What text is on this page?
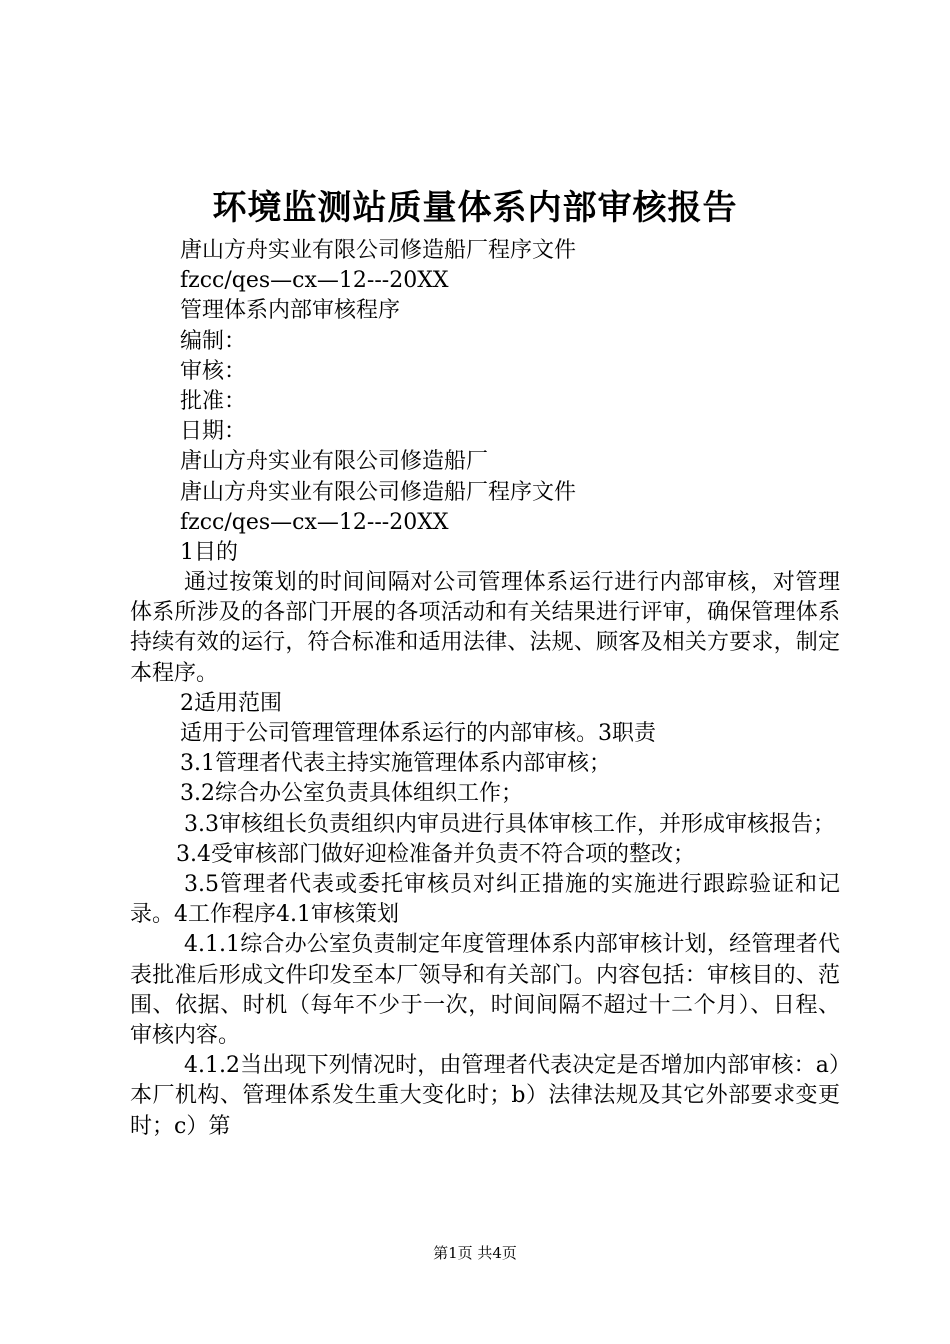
环境监测站质量体系内部审核报告
唐山方舟实业有限公司修造船厂程序文件
fzcc/qes—cx—12---20XX
管理体系内部审核程序
编制：
审核：
批准：
日期：
唐山方舟实业有限公司修造船厂
唐山方舟实业有限公司修造船厂程序文件
fzcc/qes—cx—12---20XX
1目的
通过按策划的时间间隔对公司管理体系运行进行内部审核，对管理体系所涉及的各部门开展的各项活动和有关结果进行评审，确保管理体系持续有效的运行，符合标准和适用法律、法规、顾客及相关方要求，制定本程序。
2适用范围
适用于公司管理管理体系运行的内部审核。3职责
3.1管理者代表主持实施管理体系内部审核；
3.2综合办公室负责具体组织工作；
3.3审核组长负责组织内审员进行具体审核工作，并形成审核报告；
3.4受审核部门做好迎检准备并负责不符合项的整改；
3.5管理者代表或委托审核员对纠正措施的实施进行跟踪验证和记录。4工作程序4.1审核策划
4.1.1综合办公室负责制定年度管理体系内部审核计划，经管理者代表批准后形成文件印发至本厂领导和有关部门。内容包括：审核目的、范围、依据、时机（每年不少于一次，时间间隔不超过十二个月）、日程、审核内容。
4.1.2当出现下列情况时，由管理者代表决定是否增加内部审核：a）本厂机构、管理体系发生重大变化时；b）法律法规及其它外部要求变更时；c）第
第1页 共4页
